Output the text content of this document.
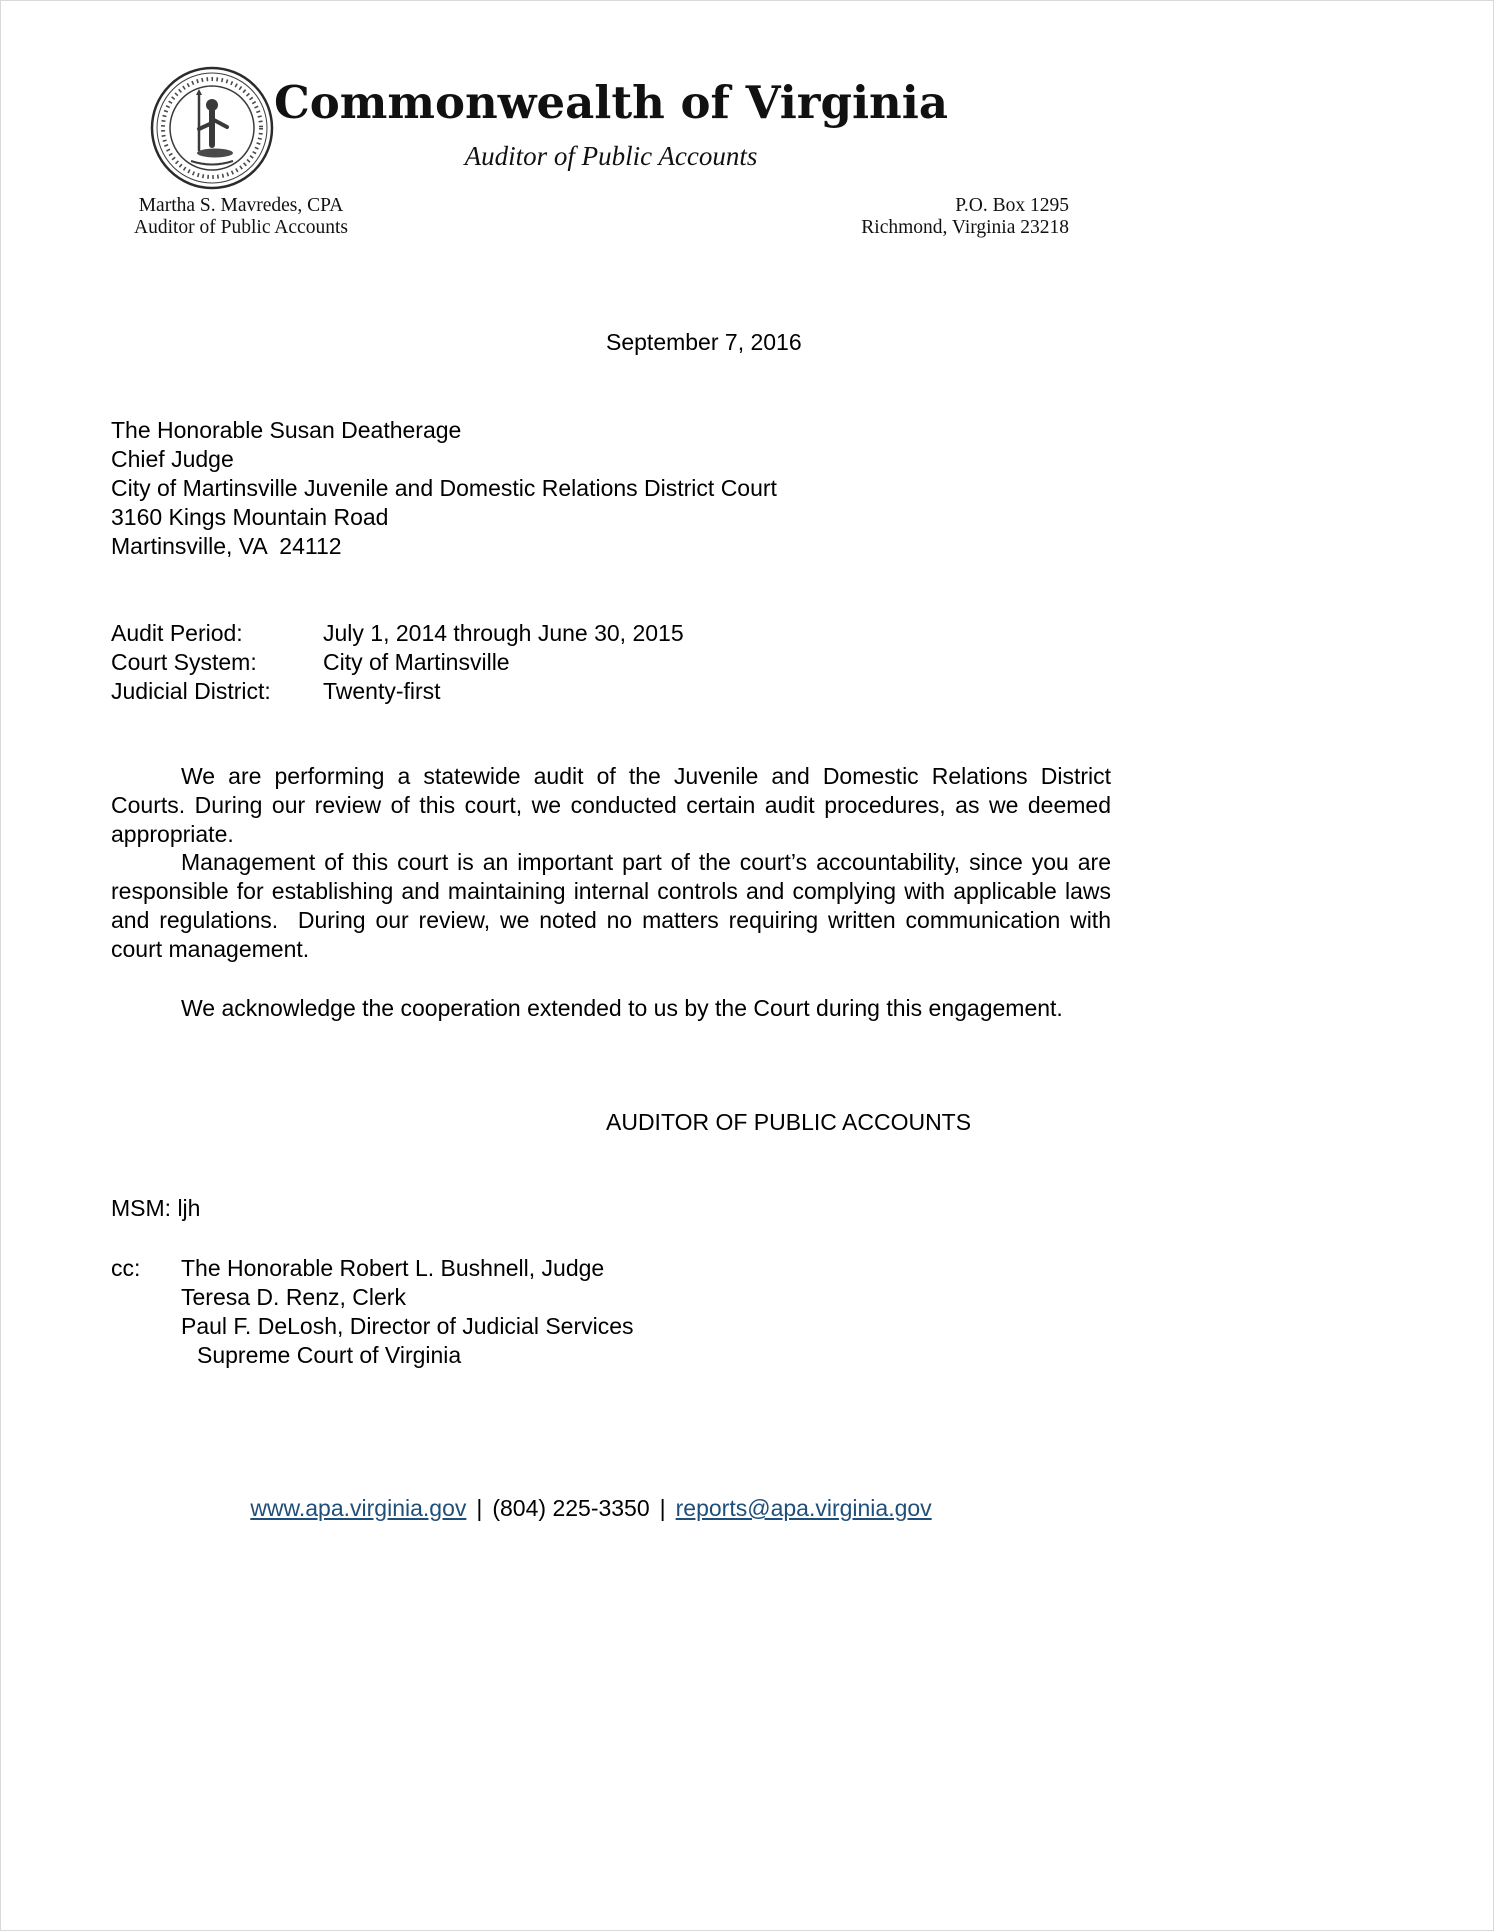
Commonwealth of Virginia
Auditor of Public Accounts
Martha S. Mavredes, CPA
Auditor of Public Accounts
P.O. Box 1295
Richmond, Virginia 23218
September 7, 2016
The Honorable Susan Deatherage
Chief Judge
City of Martinsville Juvenile and Domestic Relations District Court
3160 Kings Mountain Road
Martinsville, VA  24112
Audit Period:	July 1, 2014 through June 30, 2015
Court System:	City of Martinsville
Judicial District:	Twenty-first

We are performing a statewide audit of the Juvenile and Domestic Relations District Courts. During our review of this court, we conducted certain audit procedures, as we deemed appropriate.

Management of this court is an important part of the court’s accountability, since you are responsible for establishing and maintaining internal controls and complying with applicable laws and regulations.  During our review, we noted no matters requiring written communication with court management.

We acknowledge the cooperation extended to us by the Court during this engagement.

AUDITOR OF PUBLIC ACCOUNTS
MSM: ljh
cc:	The Honorable Robert L. Bushnell, Judge
Teresa D. Renz, Clerk
Paul F. DeLosh, Director of Judicial Services
Supreme Court of Virginia
www.apa.virginia.gov | (804) 225-3350 | reports@apa.virginia.gov
